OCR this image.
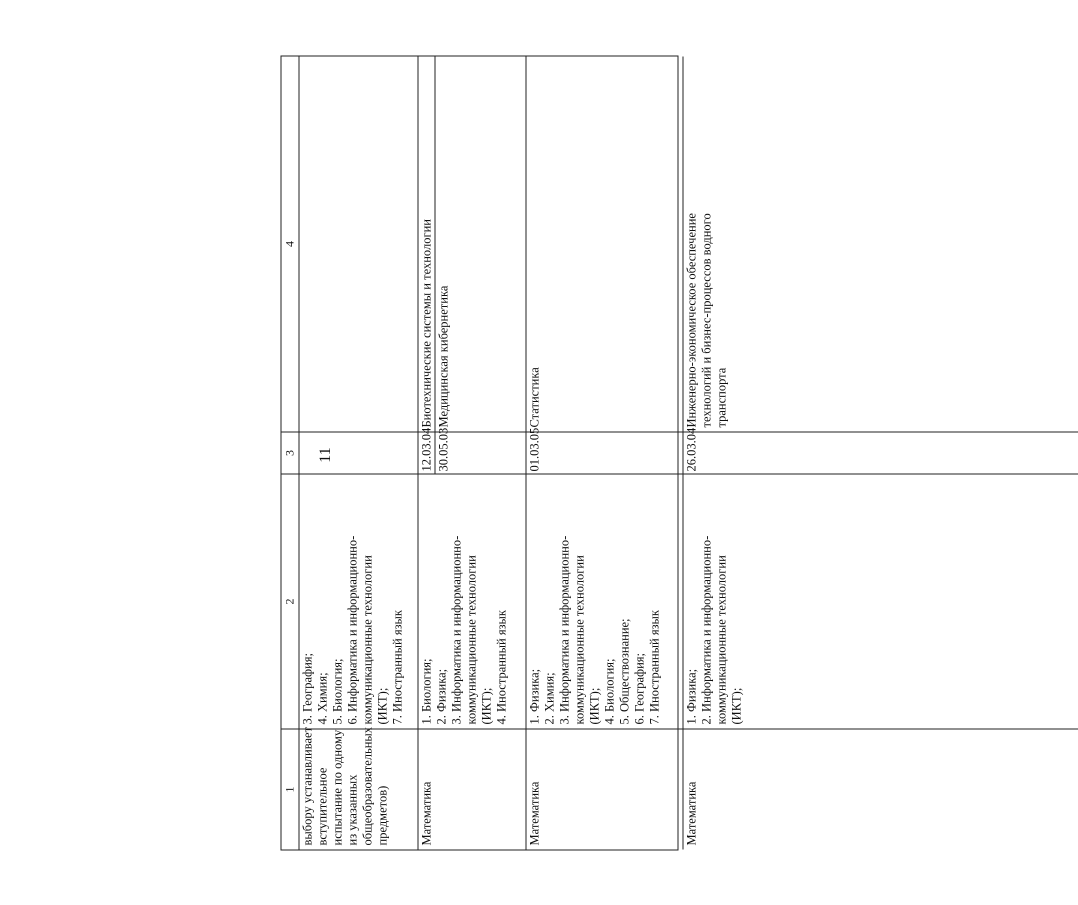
11
1
2
3
4
выбору устанавливает вступительное испытание по одному из указанных общеобразовательных предметов)
3. География; 4. Химия; 5. Биология; 6. Информатика и информационно- коммуникационные технологии (ИКТ); 7. Иностранный язык
Математика
1. Биология; 2. Физика; 3. Информатика и информационно- коммуникационные технологии (ИКТ); 4. Иностранный язык
12.03.04 30.05.03
Биотехнические системы и технологии Медицинская кибернетика
Математика
1. Физика; 2. Химия; 3. Информатика и информационно- коммуникационные технологии (ИКТ); 4. Биология; 5. Обществознание; 6. География; 7. Иностранный язык
01.03.05
Статистика
Математика
1. Физика; 2. Информатика и информационно- коммуникационные технологии (ИКТ);
26.03.04
Инженерно-экономическое обеспечение технологий и бизнес-процессов водного транспорта
